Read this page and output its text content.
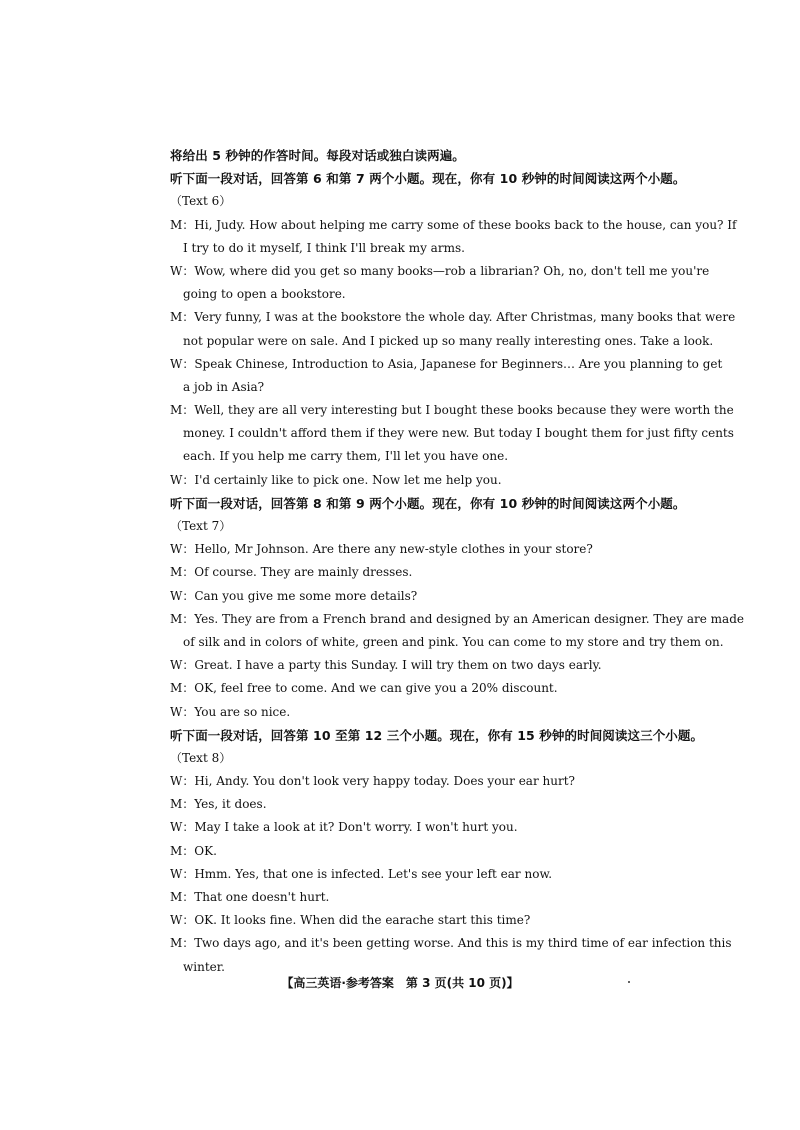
将给出 5 秒钟的作答时间。每段对话或独白读两遍。
听下面一段对话，回答第 6 和第 7 两个小题。现在，你有 10 秒钟的时间阅读这两个小题。
（Text 6）
M：Hi, Judy. How about helping me carry some of these books back to the house, can you? If
I try to do it myself, I think I'll break my arms.
W：Wow, where did you get so many books—rob a librarian? Oh, no, don't tell me you're
going to open a bookstore.
M：Very funny, I was at the bookstore the whole day. After Christmas, many books that were
not popular were on sale. And I picked up so many really interesting ones. Take a look.
W：Speak Chinese, Introduction to Asia, Japanese for Beginners… Are you planning to get
a job in Asia?
M：Well, they are all very interesting but I bought these books because they were worth the
money. I couldn't afford them if they were new. But today I bought them for just fifty cents
each. If you help me carry them, I'll let you have one.
W：I'd certainly like to pick one. Now let me help you.
听下面一段对话，回答第 8 和第 9 两个小题。现在，你有 10 秒钟的时间阅读这两个小题。
（Text 7）
W：Hello, Mr Johnson. Are there any new-style clothes in your store?
M：Of course. They are mainly dresses.
W：Can you give me some more details?
M：Yes. They are from a French brand and designed by an American designer. They are made
of silk and in colors of white, green and pink. You can come to my store and try them on.
W：Great. I have a party this Sunday. I will try them on two days early.
M：OK, feel free to come. And we can give you a 20% discount.
W：You are so nice.
听下面一段对话，回答第 10 至第 12 三个小题。现在，你有 15 秒钟的时间阅读这三个小题。
（Text 8）
W：Hi, Andy. You don't look very happy today. Does your ear hurt?
M：Yes, it does.
W：May I take a look at it? Don't worry. I won't hurt you.
M：OK.
W：Hmm. Yes, that one is infected. Let's see your left ear now.
M：That one doesn't hurt.
W：OK. It looks fine. When did the earache start this time?
M：Two days ago, and it's been getting worse. And this is my third time of ear infection this
winter.
【高三英语·参考答案　第 3 页(共 10 页)】
